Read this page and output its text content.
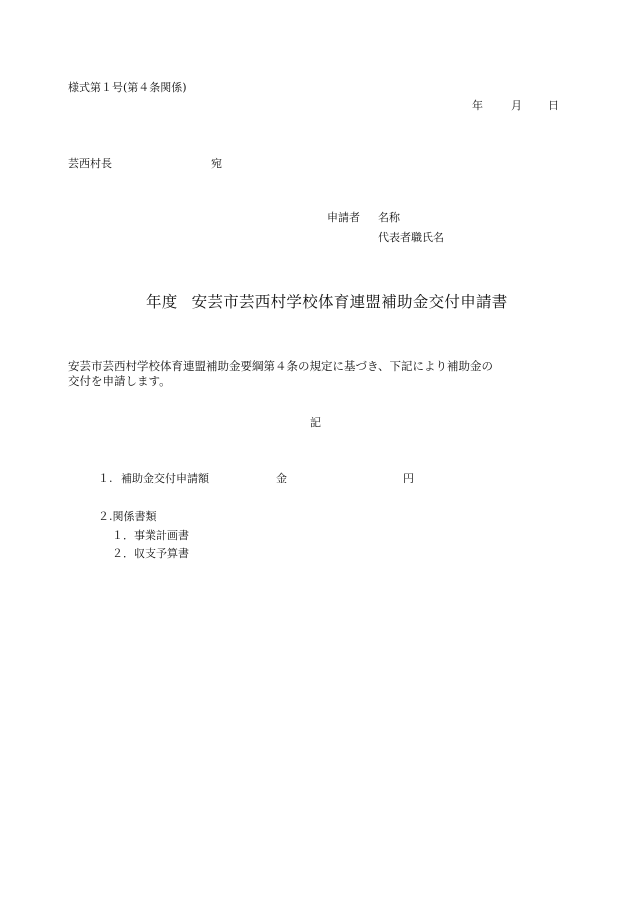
様式第１号(第４条関係)
年	月 日
芸西村長	宛
申請者 名称
代表者職氏名
年度 安芸市芸西村学校体育連盟補助金交付申請書
安芸市芸西村学校体育連盟補助金要綱第４条の規定に基づき、下記により補助金の
交付を申請します。
記
１. 補助金交付申請額	金	円
２.関係書類
１．事業計画書
２．収支予算書
